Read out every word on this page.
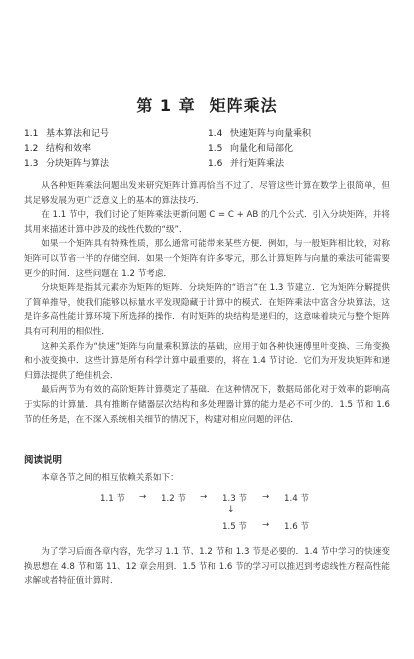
第 1 章 矩阵乘法
1.1 基本算法和记号	1.4 快速矩阵与向量乘积
1.2 结构和效率	1.5 向量化和局部化
1.3 分块矩阵与算法	1.6 并行矩阵乘法

从各种矩阵乘法问题出发来研究矩阵计算再恰当不过了．尽管这些计算在数学上很简单，但其足够发展为更广泛意义上的基本的算法技巧．

在 1.1 节中，我们讨论了矩阵乘法更新问题 C = C + AB 的几个公式．引入分块矩阵，并将其用来描述计算中涉及的线性代数的“级”．

如果一个矩阵具有特殊性质，那么通常可能带来某些方便．例如，与一般矩阵相比较，对称矩阵可以节省一半的存储空间．如果一个矩阵有许多零元，那么计算矩阵与向量的乘法可能需要更少的时间．这些问题在 1.2 节考虑．

分块矩阵是指其元素亦为矩阵的矩阵．分块矩阵的“语言”在 1.3 节建立．它为矩阵分解提供了简单推导，使我们能够以标量水平发现隐藏于计算中的模式．在矩阵乘法中富含分块算法，这是许多高性能计算环境下所选择的操作．有时矩阵的块结构是递归的，这意味着块元与整个矩阵具有可利用的相似性．

这种关系作为“快速”矩阵与向量乘积算法的基础，应用于如各种快速傅里叶变换、三角变换和小波变换中．这些计算是所有科学计算中最重要的，将在 1.4 节讨论．它们为开发块矩阵和递归算法提供了绝佳机会．

最后两节为有效的高阶矩阵计算奠定了基础．在这种情况下，数据局部化对于效率的影响高于实际的计算量．具有推断存储器层次结构和多处理器计算的能力是必不可少的．1.5 节和 1.6 节的任务是，在不深入系统相关细节的情况下，构建对相应问题的评估．

阅读说明
本章各节之间的相互依赖关系如下：
1.1 节 → 1.2 节 → 1.3 节 → 1.4 节
↓
1.5 节 → 1.6 节

为了学习后面各章内容，先学习 1.1 节、1.2 节和 1.3 节是必要的．1.4 节中学习的快速变换思想在 4.8 节和第 11、12 章会用到．1.5 节和 1.6 节的学习可以推迟到考虑线性方程高性能求解或者特征值计算时．
